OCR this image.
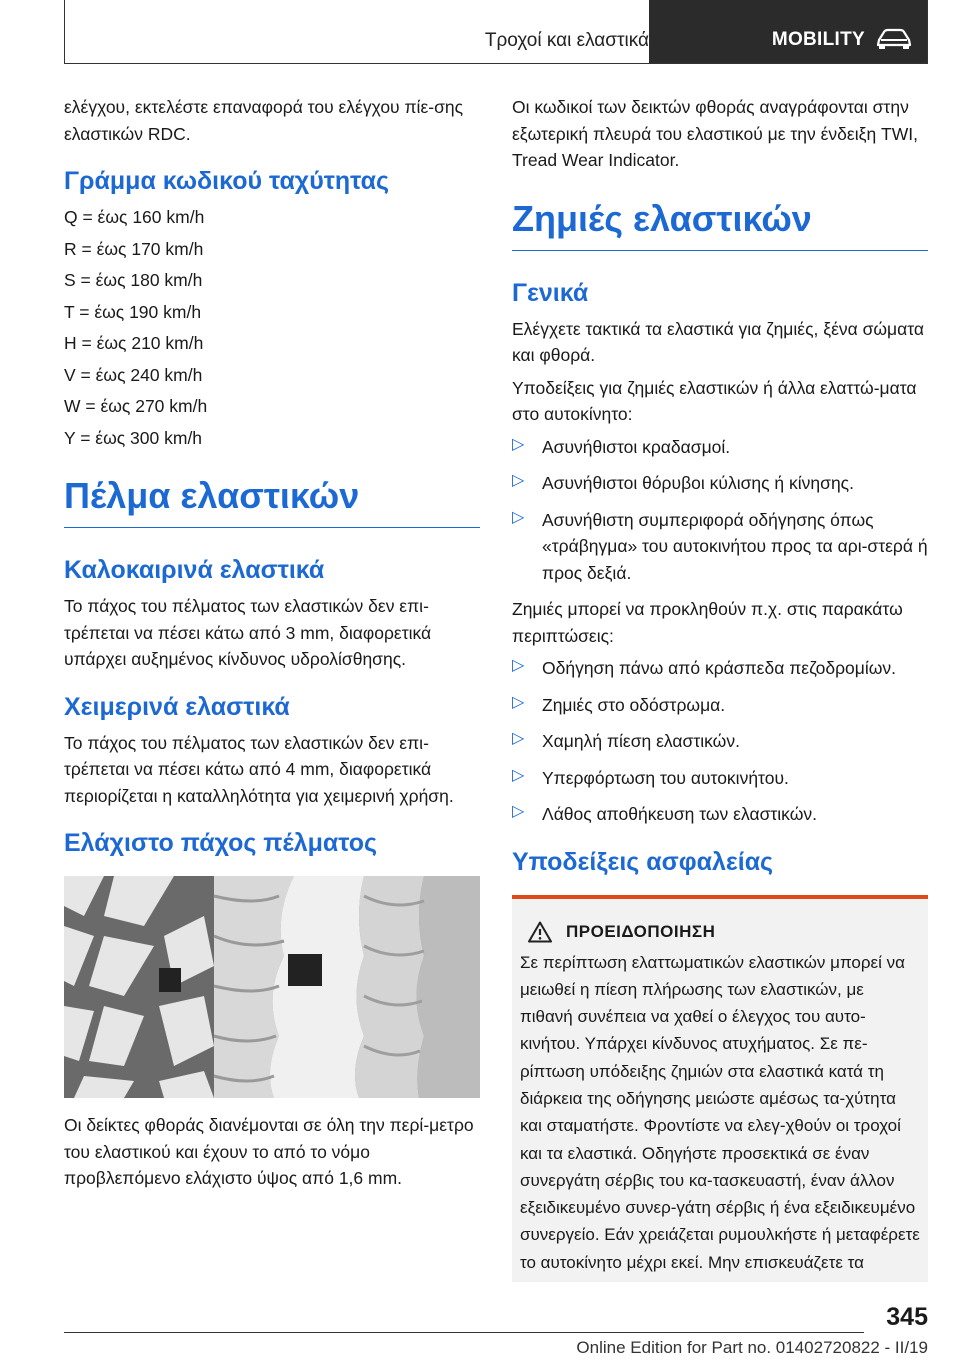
Τροχοί και ελαστικά	MOBILITY

ελέγχου, εκτελέστε επαναφορά του ελέγχου πίε-σης ελαστικών RDC.

Γράμμα κωδικού ταχύτητας

Q = έως 160 km/h

R = έως 170 km/h

S = έως 180 km/h

T = έως 190 km/h

H = έως 210 km/h

V = έως 240 km/h

W = έως 270 km/h

Y = έως 300 km/h

Πέλμα ελαστικών
Καλοκαιρινά ελαστικά

Το πάχος του πέλματος των ελαστικών δεν επι-τρέπεται να πέσει κάτω από 3 mm, διαφορετικά υπάρχει αυξημένος κίνδυνος υδρολίσθησης.

Χειμερινά ελαστικά

Το πάχος του πέλματος των ελαστικών δεν επι-τρέπεται να πέσει κάτω από 4 mm, διαφορετικά περιορίζεται η καταλληλότητα για χειμερινή χρήση.

Ελάχιστο πάχος πέλματος

Οι δείκτες φθοράς διανέμονται σε όλη την περί-μετρο του ελαστικού και έχουν το από το νόμο προβλεπόμενο ελάχιστο ύψος από 1,6 mm.

Οι κωδικοί των δεικτών φθοράς αναγράφονται στην εξωτερική πλευρά του ελαστικού με την ένδειξη TWI, Tread Wear Indicator.

Ζημιές ελαστικών
Γενικά

Ελέγχετε τακτικά τα ελαστικά για ζημιές, ξένα σώματα και φθορά.

Υποδείξεις για ζημιές ελαστικών ή άλλα ελαττώ-ματα στο αυτοκίνητο:

▷ Ασυνήθιστοι κραδασμοί.

▷ Ασυνήθιστοι θόρυβοι κύλισης ή κίνησης.

▷ Ασυνήθιστη συμπεριφορά οδήγησης όπως «τράβηγμα» του αυτοκινήτου προς τα αρι-στερά ή προς δεξιά.

Ζημιές μπορεί να προκληθούν π.χ. στις παρακάτω περιπτώσεις:

▷ Οδήγηση πάνω από κράσπεδα πεζοδρομίων.

▷ Ζημιές στο οδόστρωμα.

▷ Χαμηλή πίεση ελαστικών.

▷ Υπερφόρτωση του αυτοκινήτου.

▷ Λάθος αποθήκευση των ελαστικών.

Υποδείξεις ασφαλείας
ΠΡΟΕΙΔΟΠΟΙΗΣΗ

Σε περίπτωση ελαττωματικών ελαστικών μπορεί να μειωθεί η πίεση πλήρωσης των ελαστικών, με πιθανή συνέπεια να χαθεί ο έλεγχος του αυτο-κινήτου. Υπάρχει κίνδυνος ατυχήματος. Σε πε-ρίπτωση υπόδειξης ζημιών στα ελαστικά κατά τη διάρκεια της οδήγησης μειώστε αμέσως τα-χύτητα και σταματήστε. Φροντίστε να ελεγ-χθούν οι τροχοί και τα ελαστικά. Οδηγήστε προσεκτικά σε έναν συνεργάτη σέρβις του κα-τασκευαστή, έναν άλλον εξειδικευμένο συνερ-γάτη σέρβις ή ένα εξειδικευμένο συνεργείο. Εάν χρειάζεται ρυμουλκήστε ή μεταφέρετε το αυτοκίνητο μέχρι εκεί. Μην επισκευάζετε τα

345
Online Edition for Part no. 01402720822 - II/19
